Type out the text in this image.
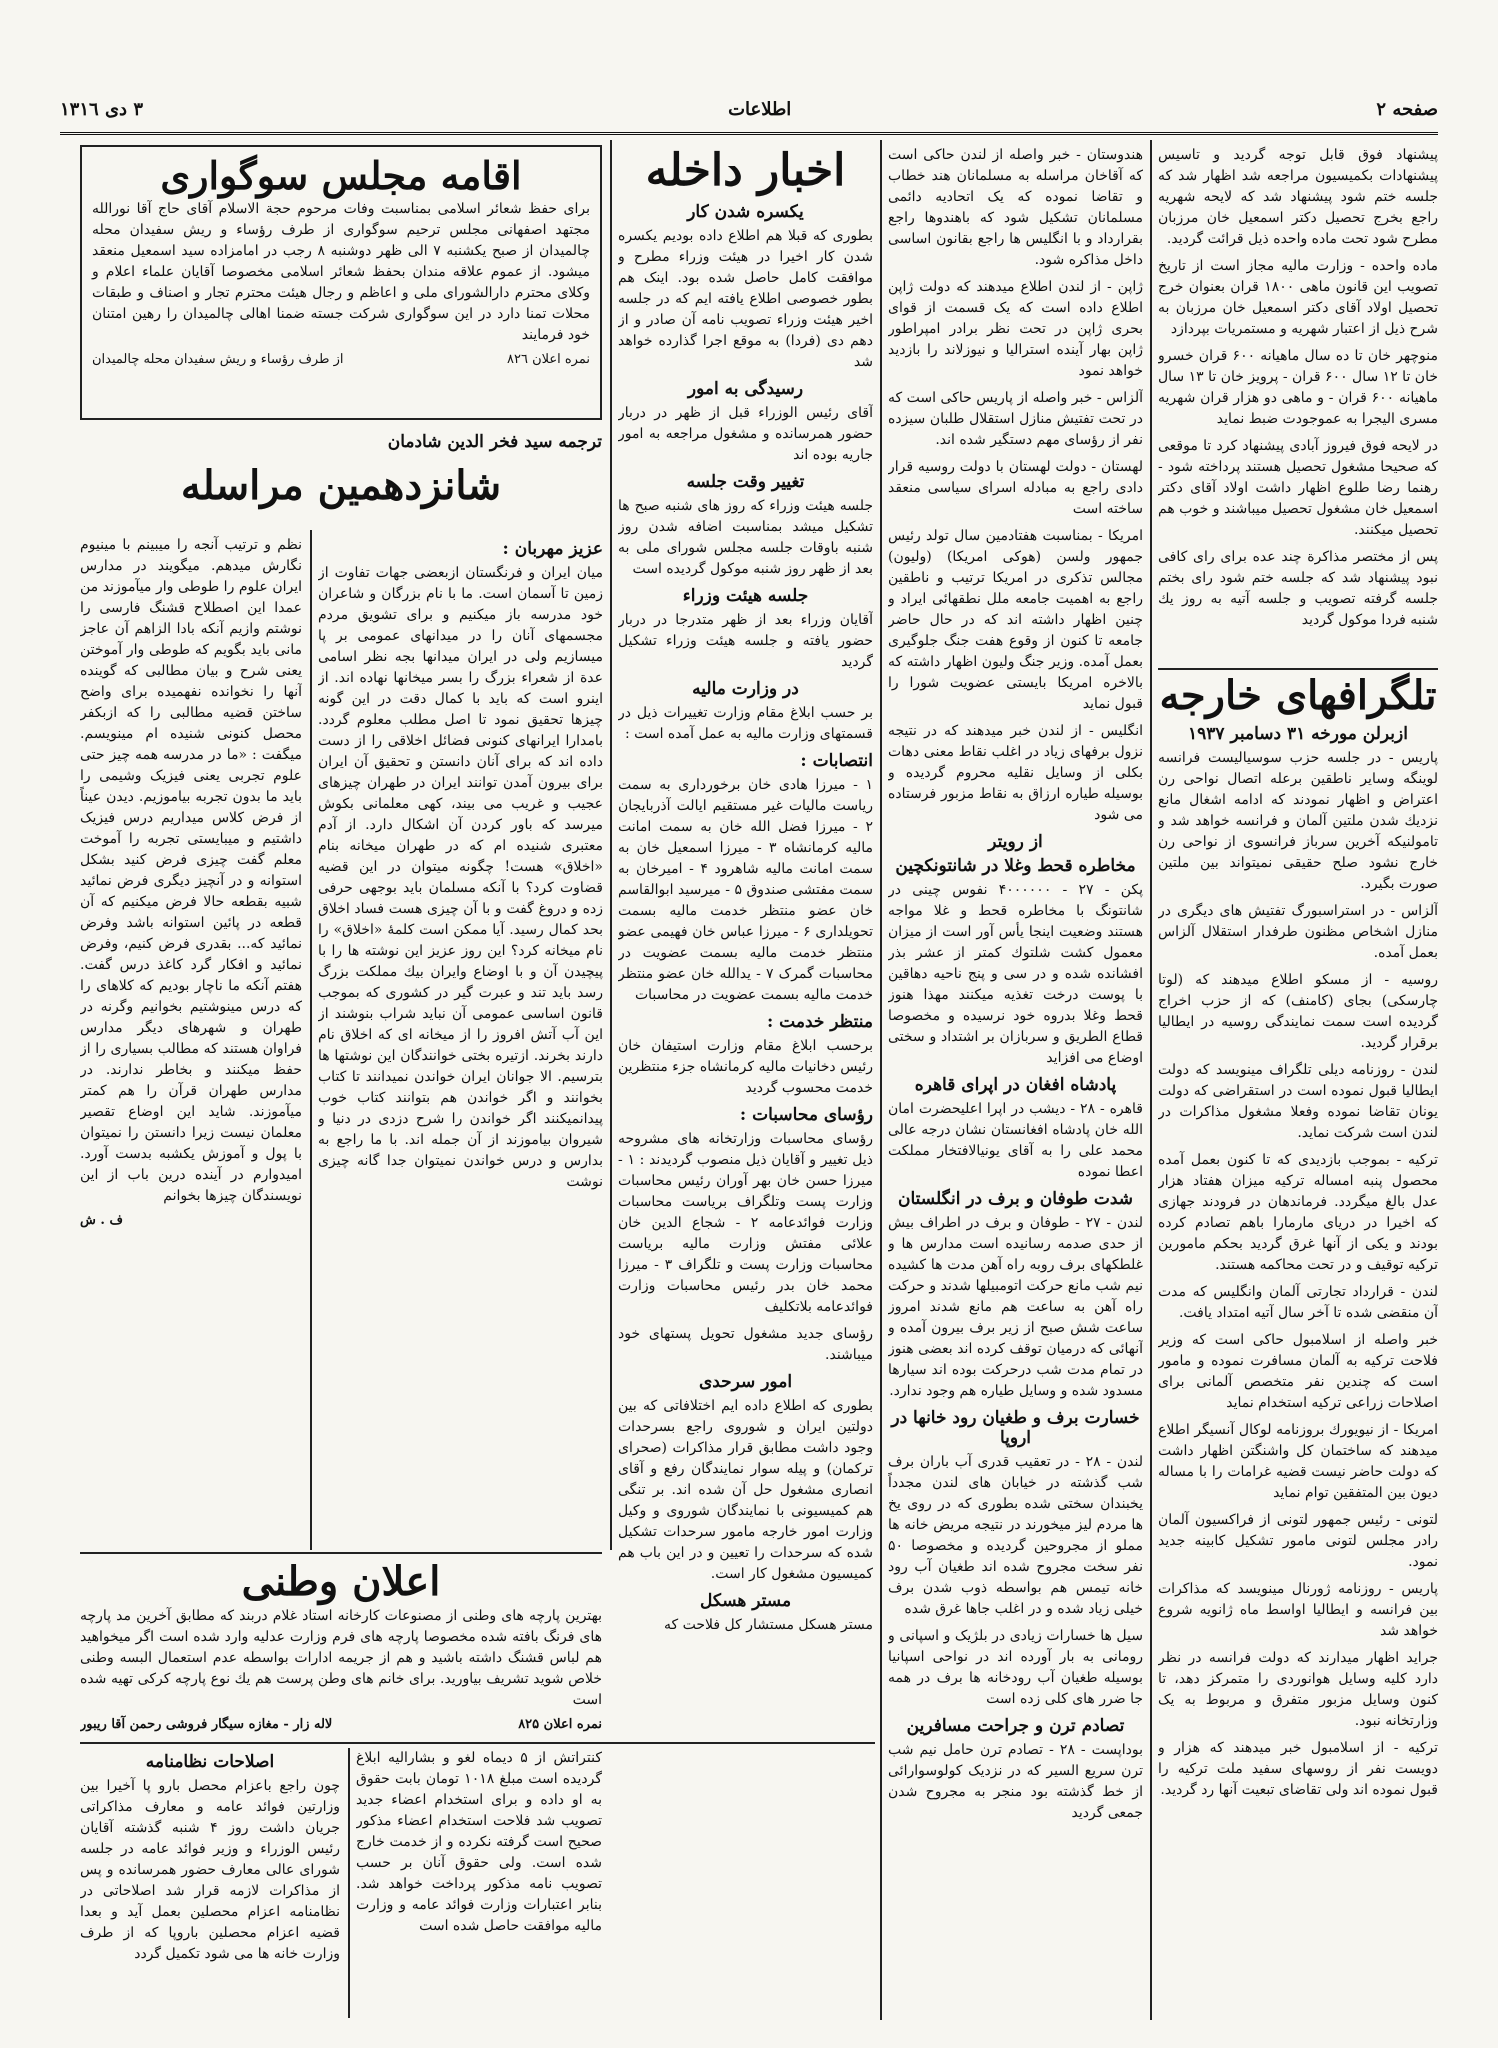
صفحه ۲
اطلاعات
۳ دی ۱۳۱٦

پیشنهاد فوق قابل توجه گردید و تاسیس پیشنهادات بکمیسیون مراجعه شد اظهار شد که جلسه ختم شود پیشنهاد شد که لایحه شهریه راجع بخرج تحصیل دکتر اسمعیل خان مرزبان مطرح شود تحت ماده واحده ذیل قرائت گردید.

ماده واحده - وزارت مالیه مجاز است از تاریخ تصویب این قانون ماهی ۱۸۰۰ قران بعنوان خرج تحصیل اولاد آقای دکتر اسمعیل خان مرزبان به شرح ذیل از اعتبار شهریه و مستمریات بپردازد

منوچهر خان تا ده سال ماهیانه ۶۰۰ قران خسرو خان تا ۱۲ سال ۶۰۰ قران - پرویز خان تا ۱۳ سال ماهیانه ۶۰۰ قران - و ماهی دو هزار قران شهریه مسری الیجرا به عموجودت ضبط نماید

در لایحه فوق فیروز آبادی پیشنهاد کرد تا موقعی که صحیحا مشغول تحصیل هستند پرداخته شود - رهنما رضا طلوع اظهار داشت اولاد آقای دکتر اسمعیل خان مشغول تحصیل میباشند و خوب هم تحصیل میکنند.

پس از مختصر مذاکرة چند عده برای رای کافی نبود پیشنهاد شد که جلسه ختم شود رای بختم جلسه گرفته تصویب و جلسه آتیه به روز یك شنبه فردا موکول گردید

تلگرافهای خارجه
ازبرلن مورخه ۳۱ دسامبر ۱۹۳۷

پاریس - در جلسه حزب سوسیالیست فرانسه لوینگه وسایر ناطقین برعله اتصال نواحی رن اعتراض و اظهار نمودند که ادامه اشغال مانع نزدیك شدن ملتین آلمان و فرانسه خواهد شد و تامولنیکه آخرین سرباز فرانسوی از نواحی رن خارج نشود صلح حقیقی نمیتواند بین ملتین صورت بگیرد.

آلزاس - در استراسبورگ تفتیش های دیگری در منازل اشخاص مظنون طرفدار استقلال آلزاس بعمل آمده.

روسیه - از مسکو اطلاع میدهند که (لوتا چارسکی) بجای (کامنف) که از حزب اخراج گردیده است سمت نمایندگی روسیه در ایطالیا برقرار گردید.

لندن - روزنامه دیلی تلگراف مینویسد که دولت ایطالیا قبول نموده است در استقراضی که دولت یونان تقاضا نموده وفعلا مشغول مذاکرات در لندن است شرکت نماید.

ترکیه - بموجب بازدیدی که تا کنون بعمل آمده محصول پنبه امساله ترکیه میزان هفتاد هزار عدل بالغ میگردد. فرماندهان در فرودند جهازی که اخیرا در دریای مارمارا باهم تصادم کرده بودند و یکی از آنها غرق گردید بحکم مامورین ترکیه توقیف و در تحت محاکمه هستند.

لندن - قرارداد تجارتی آلمان وانگلیس که مدت آن منقضی شده تا آخر سال آتیه امتداد یافت.

خبر واصله از اسلامبول حاکی است که وزیر فلاحت ترکیه به آلمان مسافرت نموده و مامور است که چندین نفر متخصص آلمانی برای اصلاحات زراعی ترکیه استخدام نماید

امریکا - از نیویورك بروزنامه لوکال آنسیگر اطلاع میدهند که ساختمان کل واشنگتن اظهار داشت که دولت حاضر نیست قضیه غرامات را با مساله دیون بین المتفقین توام نماید

لتونی - رئیس جمهور لتونی از فراکسیون آلمان رادر مجلس لتونی مامور تشکیل کابینه جدید نمود.

پاریس - روزنامه ژورنال مینویسد که مذاکرات بین فرانسه و ایطالیا اواسط ماه ژانویه شروع خواهد شد

جراید اظهار میدارند که دولت فرانسه در نظر دارد کلیه وسایل هوانوردی را متمرکز دهد، تا کنون وسایل مزبور متفرق و مربوط به یک وزارتخانه نبود.

ترکیه - از اسلامبول خبر میدهند که هزار و دویست نفر از روسهای سفید ملت ترکیه را قبول نموده اند ولی تقاضای تبعیت آنها رد گردید.

هندوستان - خبر واصله از لندن حاکی است که آقاخان مراسله به مسلمانان هند خطاب و تقاضا نموده که یک اتحادیه دائمی مسلمانان تشکیل شود که باهندوها راجع بقرارداد و با انگلیس ها راجع بقانون اساسی داخل مذاکره شود.

ژاپن - از لندن اطلاع میدهند که دولت ژاپن اطلاع داده است که یک قسمت از قوای بحری ژاپن در تحت نظر برادر امپراطور ژاپن بهار آینده استرالیا و نیوزلاند را بازدید خواهد نمود

آلزاس - خبر واصله از پاریس حاکی است که در تحت تفتیش منازل استقلال طلبان سیزده نفر از رؤسای مهم دستگیر شده اند.

لهستان - دولت لهستان با دولت روسیه قرار دادی راجع به مبادله اسرای سیاسی منعقد ساخته است

امریکا - بمناسبت هفتادمین سال تولد رئیس جمهور ولسن (هوکی امریکا) (ولیون) مجالس تذکری در امریکا ترتیب و ناطقین راجع به اهمیت جامعه ملل نطقهائی ایراد و چنین اظهار داشته اند که در حال حاضر جامعه تا کنون از وقوع هفت جنگ جلوگیری بعمل آمده. وزیر جنگ ولیون اظهار داشته که بالاخره امریکا بایستی عضویت شورا را قبول نماید

انگلیس - از لندن خبر میدهند که در نتیجه نزول برفهای زیاد در اغلب نقاط معنی دهات بکلی از وسایل نقلیه محروم گردیده و بوسیله طیاره ارزاق به نقاط مزبور فرستاده می شود

از رویتر
مخاطره قحط وغلا در شانتونکچین

پکن - ۲۷ - ۴۰۰۰۰۰۰ نفوس چینی در شانتونگ با مخاطره قحط و غلا مواجه هستند وضعیت اینجا یأس آور است از میزان معمول کشت شلتوك کمتر از عشر بذر افشانده شده و در سی و پنج ناحیه دهاقین با پوست درخت تغذیه میکنند مهذا هنوز قحط وغلا بدروه خود نرسیده و مخصوصا قطاع الطریق و سربازان بر اشتداد و سختی اوضاع می افزاید

پادشاه افغان در اپرای قاهره

قاهره - ۲۸ - دیشب در اپرا اعلیحضرت امان الله خان پادشاه افغانستان نشان درجه عالی محمد علی را به آقای یونیالافتخار مملکت اعطا نموده

شدت طوفان و برف در انگلستان

لندن - ۲۷ - طوفان و برف در اطراف بیش از حدی صدمه رسانیده است مدارس ها و غلطکهای برف روبه راه آهن مدت ها کشیده نیم شب مانع حرکت اتومبیلها شدند و حرکت راه آهن به ساعت هم مانع شدند امروز ساعت شش صبح از زیر برف بیرون آمده و آنهائی که درمیان توقف کرده اند بعضی هنوز در تمام مدت شب درحرکت بوده اند سیارها مسدود شده و وسایل طیاره هم وجود ندارد.

خسارت برف و طغیان رود خانها در اروپا

لندن - ۲۸ - در تعقیب قدری آب باران برف شب گذشته در خیابان های لندن مجدداً یخبندان سختی شده بطوری که در روی یخ ها مردم لیز میخورند در نتیجه مریض خانه ها مملو از مجروحین گردیده و مخصوصا ۵۰ نفر سخت مجروح شده اند طغیان آب رود خانه تیمس هم بواسطه ذوب شدن برف خیلی زیاد شده و در اغلب جاها غرق شده

سیل ها خسارات زیادی در بلژیک و اسپانی و رومانی به بار آورده اند در نواحی اسپانیا بوسیله طغیان آب رودخانه ها برف در همه جا ضرر های کلی زده است

تصادم ترن و جراحت مسافرین

بوداپست - ۲۸ - تصادم ترن حامل نیم شب ترن سریع السیر که در نزدیک کولوسوارائی از خط گذشته بود منجر به مجروح شدن جمعی گردید

اخبار داخله
یکسره شدن کار

بطوری که قبلا هم اطلاع داده بودیم یکسره شدن کار اخیرا در هیئت وزراء مطرح و موافقت کامل حاصل شده بود. اینک هم بطور خصوصی اطلاع یافته ایم که در جلسه اخیر هیئت وزراء تصویب نامه آن صادر و از دهم دی (فردا) به موقع اجرا گذارده خواهد شد

رسیدگی به امور

آقای رئیس الوزراء قبل از ظهر در دربار حضور همرسانده و مشغول مراجعه به امور جاریه بوده اند

تغییر وقت جلسه

جلسه هیئت وزراء که روز های شنبه صبح ها تشکیل میشد بمناسبت اضافه شدن روز شنبه باوقات جلسه مجلس شورای ملی به بعد از ظهر روز شنبه موکول گردیده است

جلسه هیئت وزراء

آقایان وزراء بعد از ظهر متدرجا در دربار حضور یافته و جلسه هیئت وزراء تشکیل گردید

در وزارت مالیه

بر حسب ابلاغ مقام وزارت تغییرات ذیل در قسمتهای وزارت مالیه به عمل آمده است :

انتصابات :

۱ - میرزا هادی خان برخورداری به سمت ریاست مالیات غیر مستقیم ایالت آذربایجان ۲ - میرزا فضل الله خان به سمت امانت مالیه کرمانشاه ۳ - میرزا اسمعیل خان به سمت امانت مالیه شاهرود ۴ - امیرخان به سمت مفتشی صندوق ۵ - میرسید ابوالقاسم خان عضو منتظر خدمت مالیه بسمت تحویلداری ۶ - میرزا عباس خان فهیمی عضو منتظر خدمت مالیه بسمت عضویت در محاسبات گمرک ۷ - یدالله خان عضو منتظر خدمت مالیه بسمت عضویت در محاسبات

منتظر خدمت :

برحسب ابلاغ مقام وزارت استیفان خان رئیس دخانیات مالیه کرمانشاه جزء منتظرین خدمت محسوب گردید

رؤسای محاسبات :

رؤسای محاسبات وزارتخانه های مشروحه ذیل تغییر و آقایان ذیل منصوب گردیدند : ۱ - میرزا حسن خان بهر آوران رئیس محاسبات وزارت پست وتلگراف بریاست محاسبات وزارت فوائدعامه ۲ - شجاع الدین خان علائی مفتش وزارت مالیه بریاست محاسبات وزارت پست و تلگراف ۳ - میرزا محمد خان بدر رئیس محاسبات وزارت فوائدعامه بلاتکلیف

رؤسای جدید مشغول تحویل پستهای خود میباشند.

امور سرحدی

بطوری که اطلاع داده ایم اختلافاتی که بین دولتین ایران و شوروی راجع بسرحدات وجود داشت مطابق قرار مذاکرات (صحرای ترکمان) و پیله سوار نمایندگان رفع و آقای انصاری مشغول حل آن شده اند. بر تنگی هم کمیسیونی با نمایندگان شوروی و وکیل وزارت امور خارجه مامور سرحدات تشکیل شده که سرحدات را تعیین و در این باب هم کمیسیون مشغول کار است.

مستر هسکل

مستر هسکل مستشار کل فلاحت که

اقامه مجلس سوگواری

برای حفظ شعائر اسلامی بمناسبت وفات مرحوم حجة الاسلام آقای حاج آقا نورالله مجتهد اصفهانی مجلس ترحیم سوگواری از طرف رؤساء و ریش سفیدان محله چالمیدان از صبح یکشنبه ۷ الی ظهر دوشنبه ۸ رجب در امامزاده سید اسمعیل منعقد میشود. از عموم علاقه مندان بحفظ شعائر اسلامی مخصوصا آقایان علماء اعلام و وکلای محترم دارالشورای ملی و اعاظم و رجال هیئت محترم تجار و اصناف و طبقات محلات تمنا دارد در این سوگواری شرکت جسته ضمنا اهالی چالمیدان را رهین امتنان خود فرمایند

نمره اعلان ۸۲٦
از طرف رؤساء و ریش سفیدان محله چالمیدان
ترجمه سید فخر الدین شادمان
شانزدهمین مراسله
عزیز مهربان :

میان ایران و فرنگستان ازبعضی جهات تفاوت از زمین تا آسمان است. ما با نام بزرگان و شاعران خود مدرسه باز میکنیم و برای تشویق مردم مجسمهای آنان را در میدانهای عمومی بر پا میسازیم ولی در ایران میدانها بجه نظر اسامی عدة از شعراء بزرگ را بسر میخانها نهاده اند. از اینرو است که باید با کمال دقت در این گونه چیزها تحقیق نمود تا اصل مطلب معلوم گردد. بامدارا ایرانهای کنونی فضائل اخلاقی را از دست داده اند که برای آنان دانستن و تحقیق آن ایران برای بیرون آمدن توانند ایران در طهران چیزهای عجیب و غریب می بیند، کهی معلمانی بکوش میرسد که باور کردن آن اشکال دارد. از آدم معتبری شنیده ام که در طهران میخانه بنام «اخلاق» هست! چگونه میتوان در این قضیه قضاوت کرد؟ با آنکه مسلمان باید بوجهی حرفی زده و دروغ گفت و با آن چیزی هست فساد اخلاق بحد کمال رسید. آیا ممکن است کلمهٔ «اخلاق» را نام میخانه کرد؟ این روز عزیز این نوشته ها را با پیچیدن آن و با اوضاع وایران بیك مملکت بزرگ رسد باید تند و عبرت گیر در کشوری که بموجب قانون اساسی عمومی آن نباید شراب بنوشند از این آب آتش افروز را از میخانه ای که اخلاق نام دارند بخرند. ازتیره بختی خوانندگان این نوشتها ها بترسیم. الا جوانان ایران خواندن نمیدانند تا کتاب بخوانند و اگر خواندن هم بتوانند کتاب خوب پیدانمیکنند اگر خواندن را شرح دزدی در دنیا و شیروان بیاموزند از آن جمله اند. با ما راجع به بدارس و درس خواندن نمیتوان جدا گانه چیزی نوشت

نظم و ترتیب آنجه را میبینم با مینیوم نگارش میدهم. میگویند در مدارس ایران علوم را طوطی وار میآموزند من عمدا این اصطلاح قشنگ فارسی را نوشتم وازیم آنکه بادا الزاهم آن عاجز مانی باید بگویم که طوطی وار آموختن یعنی شرح و بیان مطالبی که گوینده آنها را نخوانده نفهمیده برای واضح ساختن قضیه مطالبی را که ازبکفر محصل کنونی شنیده ام مینویسم. میگفت : «ما در مدرسه همه چیز حتی علوم تجربی یعنی فیزیک وشیمی را باید ما بدون تجربه بیاموزیم. دیدن عیناً از فرض کلاس میداریم درس فیزیک داشتیم و میبایستی تجربه را آموخت معلم گفت چیزی فرض کنید بشکل استوانه و در آنچیز دیگری فرض نمائید شبیه بقطعه حالا فرض میکنیم که آن قطعه در پائین استوانه باشد وفرض نمائید که... بقدری فرض کنیم، وفرض نمائید و افکار گرد کاغذ درس گفت. هفتم آنکه ما ناچار بودیم که کلاهای را که درس مینوشتیم بخوانیم وگرنه در طهران و شهرهای دیگر مدارس فراوان هستند که مطالب بسیاری را از حفظ میکنند و بخاطر ندارند. در مدارس طهران قرآن را هم کمتر میآموزند. شاید این اوضاع تقصیر معلمان نیست زیرا دانستن را نمیتوان با پول و آموزش یکشبه بدست آورد. امیدوارم در آینده درین باب از این نویسندگان چیزها بخوانم

ف . ش
اعلان وطنی

بهترین پارچه های وطنی از مصنوعات کارخانه استاد غلام دربند که مطابق آخرین مد پارچه های فرنگ بافته شده مخصوصا پارچه های فرم وزارت عدلیه وارد شده است اگر میخواهید هم لباس قشنگ داشته باشید و هم از جریمه ادارات بواسطه عدم استعمال البسه وطنی خلاص شوید تشریف بیاورید. برای خانم های وطن پرست هم یك نوع پارچه کرکی تهیه شده است

نمره اعلان ۸۲۵
لاله زار - مغازه سیگار فروشی رحمن آقا ریبور
اصلاحات نظامنامه

چون راجع باعزام محصل بارو پا آخیرا بین وزارتین فوائد عامه و معارف مذاکراتی جریان داشت روز ۴ شنبه گذشته آقایان رئیس الوزراء و وزیر فوائد عامه در جلسه شورای عالی معارف حضور همرسانده و پس از مذاکرات لازمه قرار شد اصلاحاتی در نظامنامه اعزام محصلین بعمل آید و بعدا قضیه اعزام محصلین باروپا که از طرف وزارت خانه ها می شود تکمیل گردد

کنتراتش از ۵ دیماه لغو و بشارالیه ابلاغ گردیده است مبلغ ۱۰۱۸ تومان بابت حقوق به او داده و برای استخدام اعضاء جدید تصویب شد فلاحت استخدام اعضاء مذکور صحیح است گرفته نکرده و از خدمت خارج شده است. ولی حقوق آنان بر حسب تصویب نامه مذکور پرداخت خواهد شد. بنابر اعتبارات وزارت فوائد عامه و وزارت مالیه موافقت حاصل شده است
